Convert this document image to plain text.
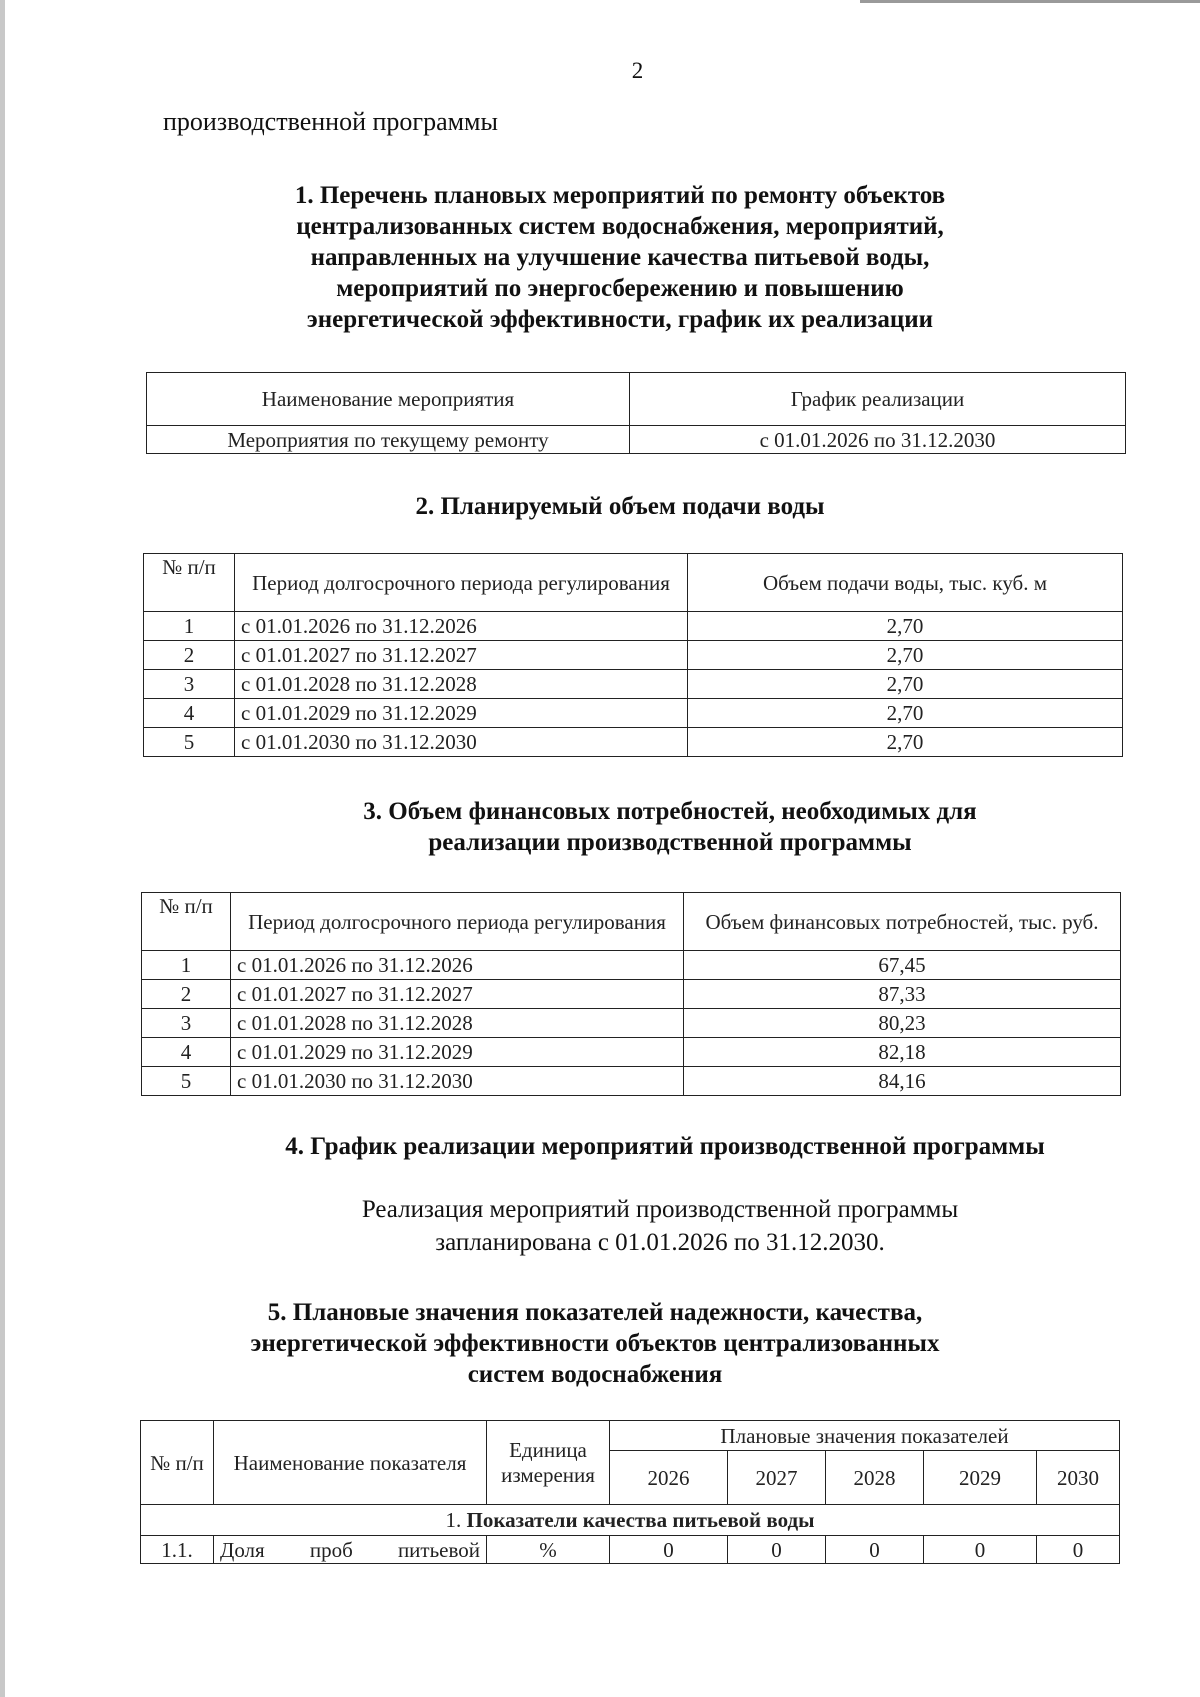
2
производственной программы

1. Перечень плановых мероприятий по ремонту объектов

централизованных систем водоснабжения, мероприятий,

направленных на улучшение качества питьевой воды,

мероприятий по энергосбережению и повышению

энергетической эффективности, график их реализации

Наименование мероприятия	График реализации
Мероприятия по текущему ремонту	с 01.01.2026 по 31.12.2030

2. Планируемый объем подачи воды

№ п/п	Период долгосрочного периода регулирования	Объем подачи воды, тыс. куб. м
1	с 01.01.2026 по 31.12.2026	2,70
2	с 01.01.2027 по 31.12.2027	2,70
3	с 01.01.2028 по 31.12.2028	2,70
4	с 01.01.2029 по 31.12.2029	2,70
5	с 01.01.2030 по 31.12.2030	2,70

3. Объем финансовых потребностей, необходимых для

реализации производственной программы

№ п/п	Период долгосрочного периода регулирования	Объем финансовых потребностей, тыс. руб.
1	с 01.01.2026 по 31.12.2026	67,45
2	с 01.01.2027 по 31.12.2027	87,33
3	с 01.01.2028 по 31.12.2028	80,23
4	с 01.01.2029 по 31.12.2029	82,18
5	с 01.01.2030 по 31.12.2030	84,16

4. График реализации мероприятий производственной программы

Реализация мероприятий производственной программы
запланирована с 01.01.2026 по 31.12.2030.

5. Плановые значения показателей надежности, качества,

энергетической эффективности объектов централизованных

систем водоснабжения

№ п/п	Наименование показателя	Единица измерения	Плановые значения показателей				
			2026	2027	2028	2029	2030
1. Показатели качества питьевой воды							
1.1.	Доля проб питьевой	%	0	0	0	0	0
